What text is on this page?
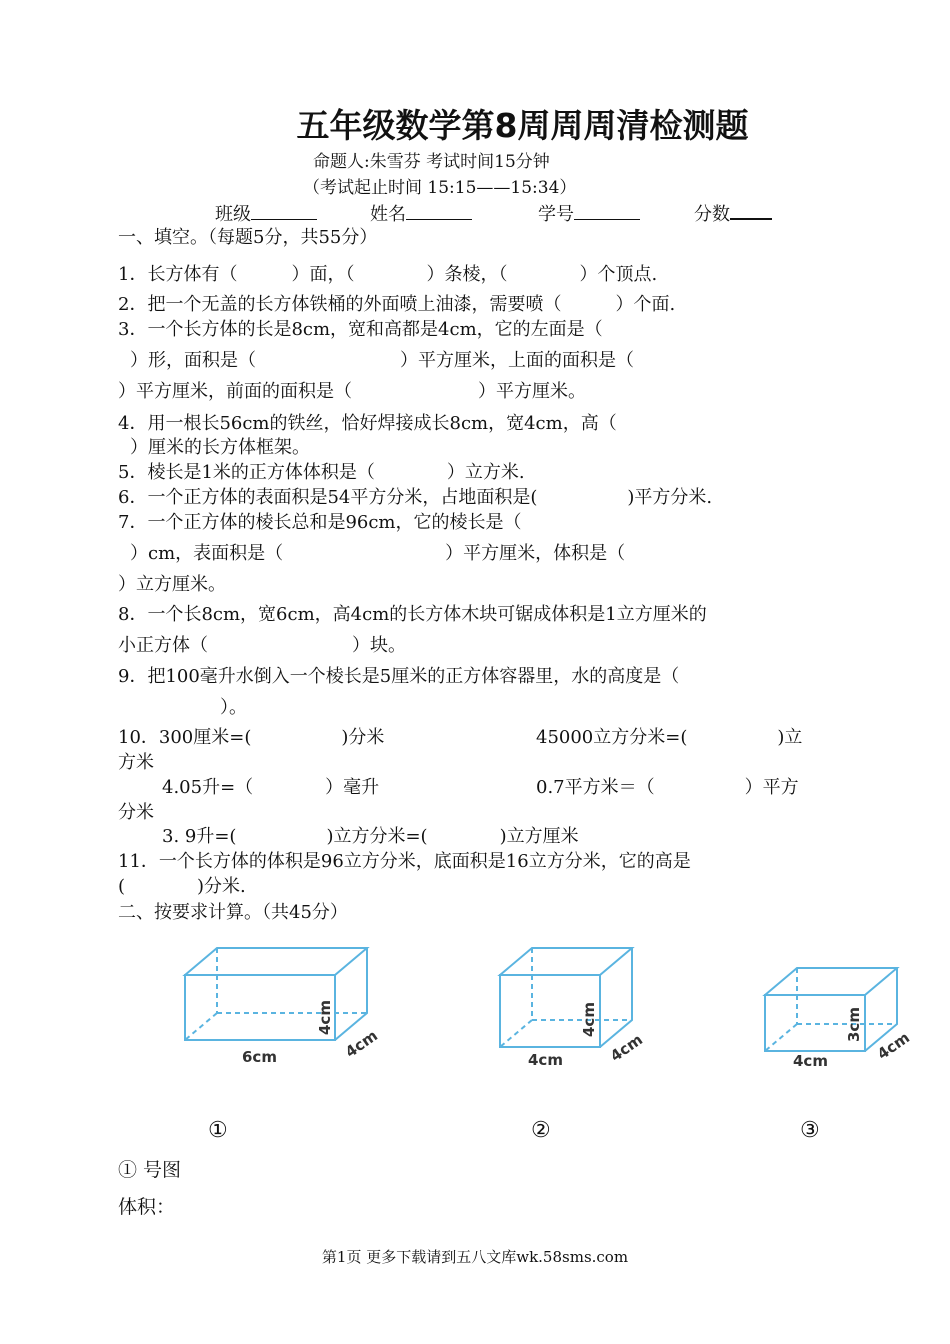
五年级数学第8周周周清检测题
命题人:朱雪芬 考试时间15分钟
（考试起止时间 15:15——15:34）
班级	姓名	学号	分数
一、填空。（每题5分，共55分）
1．长方体有（　　　）面，（　　　　）条棱，（　　　　）个顶点.
2．把一个无盖的长方体铁桶的外面喷上油漆，需要喷（　　　）个面.
3．一个长方体的长是8cm，宽和高都是4cm，它的左面是（
）形，面积是（　　　　　　　　）平方厘米，上面的面积是（
）平方厘米，前面的面积是（　　　　　　　）平方厘米。
4．用一根长56cm的铁丝，恰好焊接成长8cm，宽4cm，高（
）厘米的长方体框架。
5．棱长是1米的正方体体积是（　　　　）立方米.
6．一个正方体的表面积是54平方分米，占地面积是(　　　　　)平方分米.
7．一个正方体的棱长总和是96cm，它的棱长是（
）cm，表面积是（　　　　　　　　　）平方厘米，体积是（
）立方厘米。
8．一个长8cm，宽6cm，高4cm的长方体木块可锯成体积是1立方厘米的
小正方体（　　　　　　　　）块。
9．把100毫升水倒入一个棱长是5厘米的正方体容器里，水的高度是（
）。
10．300厘米=(　　　　　)分米	45000立方分米=(　　　　　)立
方米
4.05升=（　　　　）毫升	0.7平方米＝（　　　　　）平方
分米
3. 9升=(　　　　　)立方分米=(　　　　)立方厘米
11．一个长方体的体积是96立方分米，底面积是16立方分米，它的高是
(　　　　)分米.
二、按要求计算。（共45分）
6cm
4cm
4cm	4cm
4cm
4cm	4cm
3cm
4cm
①	②	③
① 号图
体积：
第1页 更多下载请到五八文库wk.58sms.com
